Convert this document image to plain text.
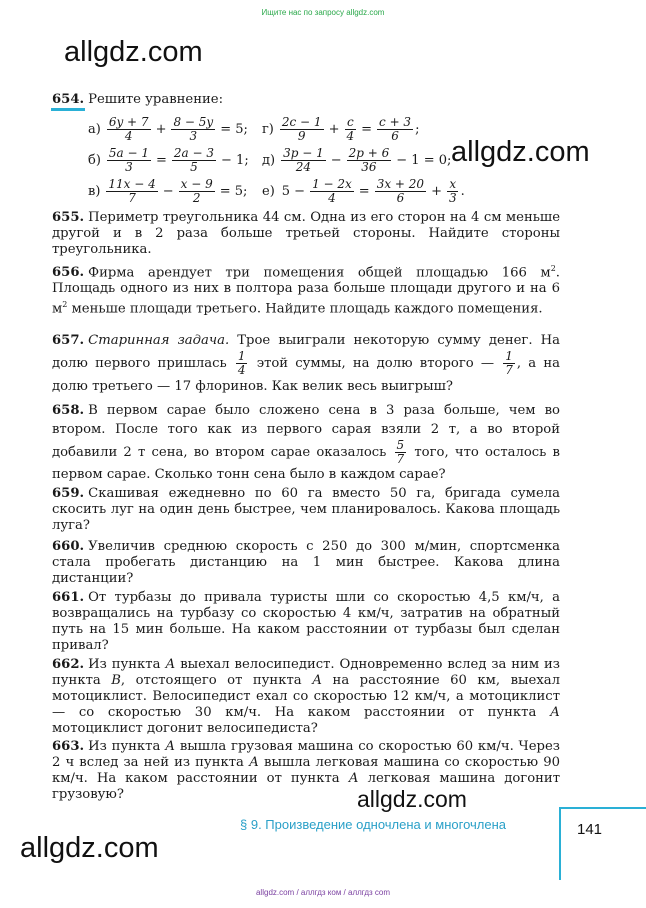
Ищите нас по запросу allgdz.com
allgdz.com
allgdz.com
allgdz.com
allgdz.com
654. Решите уравнение:
$а) \frac{6y + 7}{4} + \frac{8 - 5y}{3} = 5$;
$б) \frac{5a - 1}{3} = \frac{2a - 3}{5} - 1$;
$в) \frac{11x - 4}{7} - \frac{x - 9}{2} = 5$;
$г) \frac{2c - 1}{9} + \frac{c}{4} = \frac{c + 3}{6}$ ;
$д) \frac{3p - 1}{24} - \frac{2p + 6}{36} - 1 = 0$;
е) $5 - \frac{1 - 2x}{4} = \frac{3x + 20}{6} + \frac{x}{3}$ .
655. Периметр треугольника 44 см. Одна из его сторон на 4 см меньше другой и в 2 раза больше третьей стороны. Найдите стороны треугольника.
656. Фирма арендует три помещения общей площадью 166 $м^2$. Площадь одного из них в полтора раза больше площади другого и на 6 $м^2$ меньше площади третьего. Найдите площадь каждого помещения.
657. Старинная задача. Трое выиграли некоторую сумму денег. На долю первого пришлась $\frac{1}{4}$ этой суммы, на долю второго — $\frac{1}{7}$ , а на долю третьего — 17 флоринов. Как велик весь выигрыш?
658. В первом сарае было сложено сена в 3 раза больше, чем во втором. После того как из первого сарая взяли 2 т, а во второй добавили 2 т сена, во втором сарае оказалось $\frac{5}{7}$ того, что осталось в первом сарае. Сколько тонн сена было в каждом сарае?
659. Скашивая ежедневно по 60 га вместо 50 га, бригада сумела скосить луг на один день быстрее, чем планировалось. Какова площадь луга?
660. Увеличив среднюю скорость с 250 до 300 м/мин, спортсменка стала пробегать дистанцию на 1 мин быстрее. Какова длина дистанции?
661. От турбазы до привала туристы шли со скоростью 4,5 км/ч, а возвращались на турбазу со скоростью 4 км/ч, затратив на обратный путь на 15 мин больше. На каком расстоянии от турбазы был сделан привал?
662. Из пункта А выехал велосипедист. Одновременно вслед за ним из пункта В, отстоящего от пункта А на расстояние 60 км, выехал мотоциклист. Велосипедист ехал со скоростью 12 км/ч, а мотоциклист — со скоростью 30 км/ч. На каком расстоянии от пункта А мотоциклист догонит велосипедиста?
663. Из пункта А вышла грузовая машина со скоростью 60 км/ч. Через 2 ч вслед за ней из пункта А вышла легковая машина со скоростью 90 км/ч. На каком расстоянии от пункта А легковая машина догонит грузовую?
§ 9. Произведение одночлена и многочлена	141
allgdz.com / аллгдз ком / аллгдз com
